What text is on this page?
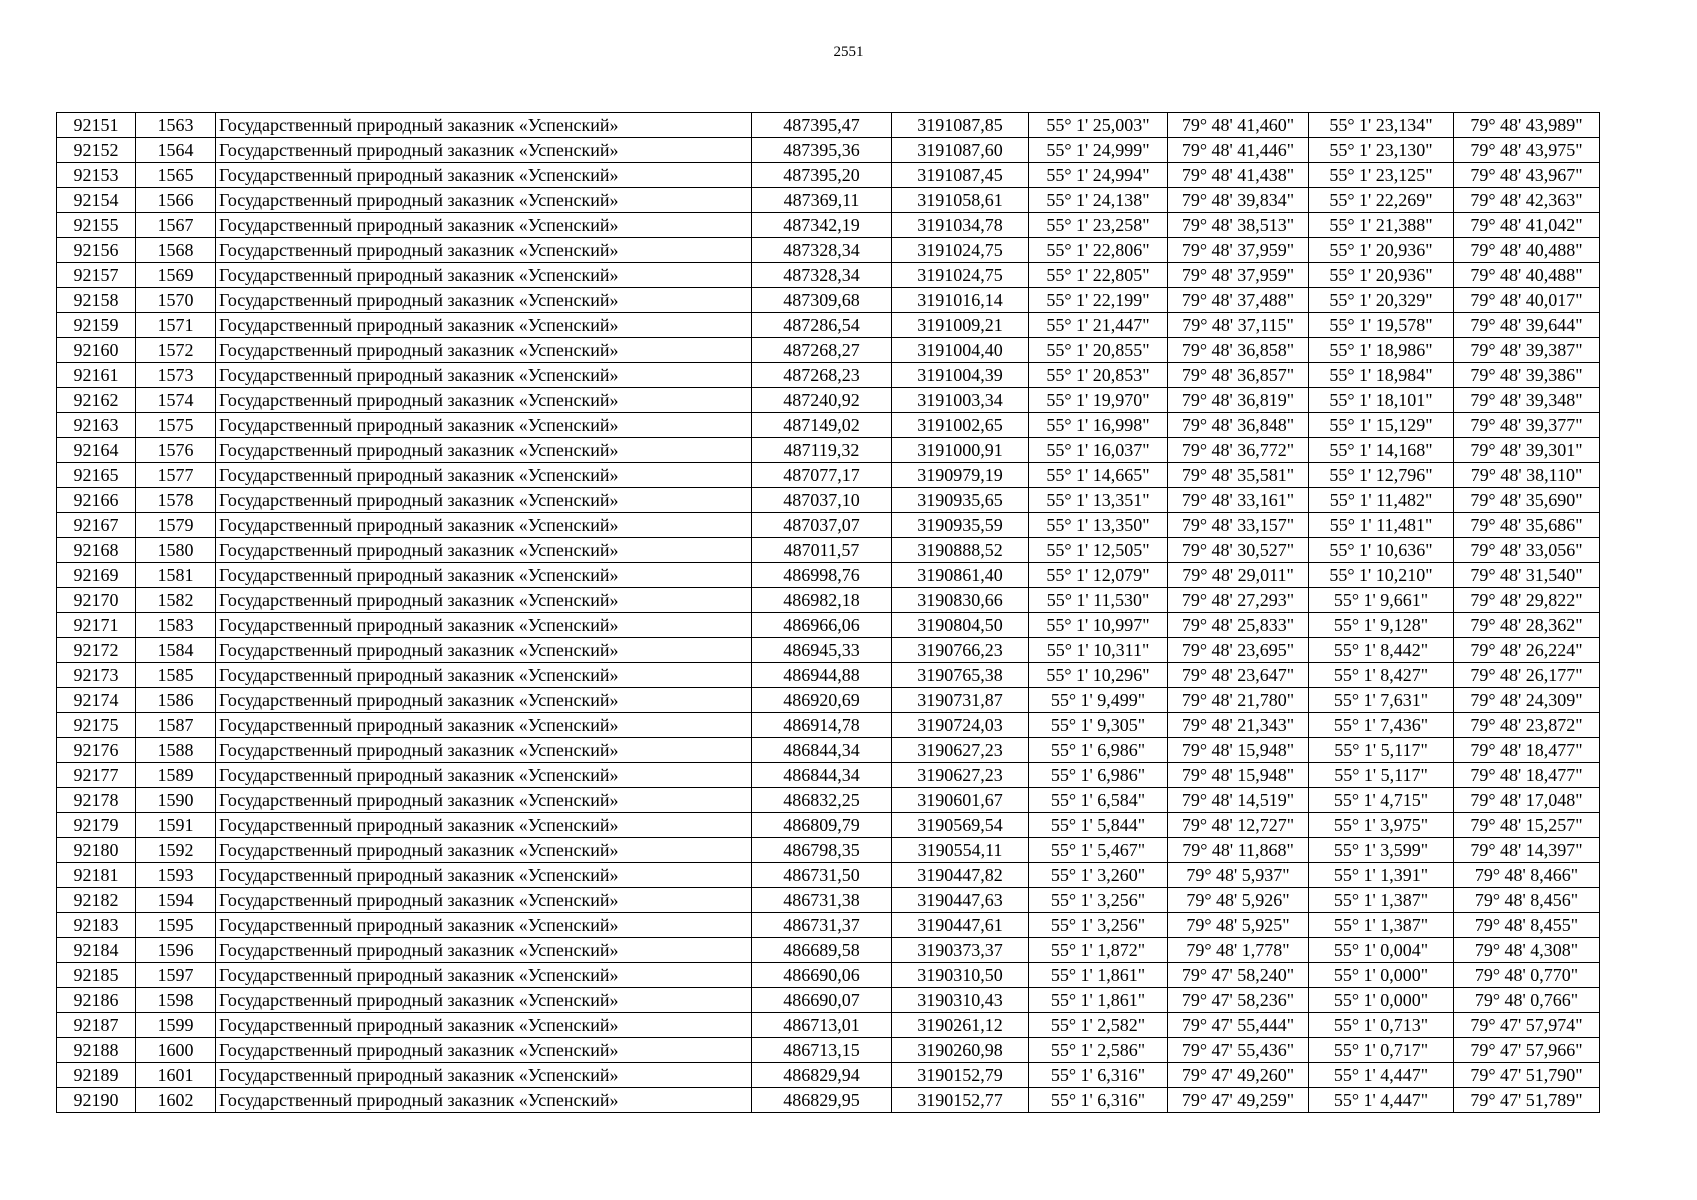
2551
92151	1563	Государственный природный заказник «Успенский»	487395,47	3191087,85	55° 1' 25,003"	79° 48' 41,460"	55° 1' 23,134"	79° 48' 43,989"
92152	1564	Государственный природный заказник «Успенский»	487395,36	3191087,60	55° 1' 24,999"	79° 48' 41,446"	55° 1' 23,130"	79° 48' 43,975"
92153	1565	Государственный природный заказник «Успенский»	487395,20	3191087,45	55° 1' 24,994"	79° 48' 41,438"	55° 1' 23,125"	79° 48' 43,967"
92154	1566	Государственный природный заказник «Успенский»	487369,11	3191058,61	55° 1' 24,138"	79° 48' 39,834"	55° 1' 22,269"	79° 48' 42,363"
92155	1567	Государственный природный заказник «Успенский»	487342,19	3191034,78	55° 1' 23,258"	79° 48' 38,513"	55° 1' 21,388"	79° 48' 41,042"
92156	1568	Государственный природный заказник «Успенский»	487328,34	3191024,75	55° 1' 22,806"	79° 48' 37,959"	55° 1' 20,936"	79° 48' 40,488"
92157	1569	Государственный природный заказник «Успенский»	487328,34	3191024,75	55° 1' 22,805"	79° 48' 37,959"	55° 1' 20,936"	79° 48' 40,488"
92158	1570	Государственный природный заказник «Успенский»	487309,68	3191016,14	55° 1' 22,199"	79° 48' 37,488"	55° 1' 20,329"	79° 48' 40,017"
92159	1571	Государственный природный заказник «Успенский»	487286,54	3191009,21	55° 1' 21,447"	79° 48' 37,115"	55° 1' 19,578"	79° 48' 39,644"
92160	1572	Государственный природный заказник «Успенский»	487268,27	3191004,40	55° 1' 20,855"	79° 48' 36,858"	55° 1' 18,986"	79° 48' 39,387"
92161	1573	Государственный природный заказник «Успенский»	487268,23	3191004,39	55° 1' 20,853"	79° 48' 36,857"	55° 1' 18,984"	79° 48' 39,386"
92162	1574	Государственный природный заказник «Успенский»	487240,92	3191003,34	55° 1' 19,970"	79° 48' 36,819"	55° 1' 18,101"	79° 48' 39,348"
92163	1575	Государственный природный заказник «Успенский»	487149,02	3191002,65	55° 1' 16,998"	79° 48' 36,848"	55° 1' 15,129"	79° 48' 39,377"
92164	1576	Государственный природный заказник «Успенский»	487119,32	3191000,91	55° 1' 16,037"	79° 48' 36,772"	55° 1' 14,168"	79° 48' 39,301"
92165	1577	Государственный природный заказник «Успенский»	487077,17	3190979,19	55° 1' 14,665"	79° 48' 35,581"	55° 1' 12,796"	79° 48' 38,110"
92166	1578	Государственный природный заказник «Успенский»	487037,10	3190935,65	55° 1' 13,351"	79° 48' 33,161"	55° 1' 11,482"	79° 48' 35,690"
92167	1579	Государственный природный заказник «Успенский»	487037,07	3190935,59	55° 1' 13,350"	79° 48' 33,157"	55° 1' 11,481"	79° 48' 35,686"
92168	1580	Государственный природный заказник «Успенский»	487011,57	3190888,52	55° 1' 12,505"	79° 48' 30,527"	55° 1' 10,636"	79° 48' 33,056"
92169	1581	Государственный природный заказник «Успенский»	486998,76	3190861,40	55° 1' 12,079"	79° 48' 29,011"	55° 1' 10,210"	79° 48' 31,540"
92170	1582	Государственный природный заказник «Успенский»	486982,18	3190830,66	55° 1' 11,530"	79° 48' 27,293"	55° 1' 9,661"	79° 48' 29,822"
92171	1583	Государственный природный заказник «Успенский»	486966,06	3190804,50	55° 1' 10,997"	79° 48' 25,833"	55° 1' 9,128"	79° 48' 28,362"
92172	1584	Государственный природный заказник «Успенский»	486945,33	3190766,23	55° 1' 10,311"	79° 48' 23,695"	55° 1' 8,442"	79° 48' 26,224"
92173	1585	Государственный природный заказник «Успенский»	486944,88	3190765,38	55° 1' 10,296"	79° 48' 23,647"	55° 1' 8,427"	79° 48' 26,177"
92174	1586	Государственный природный заказник «Успенский»	486920,69	3190731,87	55° 1' 9,499"	79° 48' 21,780"	55° 1' 7,631"	79° 48' 24,309"
92175	1587	Государственный природный заказник «Успенский»	486914,78	3190724,03	55° 1' 9,305"	79° 48' 21,343"	55° 1' 7,436"	79° 48' 23,872"
92176	1588	Государственный природный заказник «Успенский»	486844,34	3190627,23	55° 1' 6,986"	79° 48' 15,948"	55° 1' 5,117"	79° 48' 18,477"
92177	1589	Государственный природный заказник «Успенский»	486844,34	3190627,23	55° 1' 6,986"	79° 48' 15,948"	55° 1' 5,117"	79° 48' 18,477"
92178	1590	Государственный природный заказник «Успенский»	486832,25	3190601,67	55° 1' 6,584"	79° 48' 14,519"	55° 1' 4,715"	79° 48' 17,048"
92179	1591	Государственный природный заказник «Успенский»	486809,79	3190569,54	55° 1' 5,844"	79° 48' 12,727"	55° 1' 3,975"	79° 48' 15,257"
92180	1592	Государственный природный заказник «Успенский»	486798,35	3190554,11	55° 1' 5,467"	79° 48' 11,868"	55° 1' 3,599"	79° 48' 14,397"
92181	1593	Государственный природный заказник «Успенский»	486731,50	3190447,82	55° 1' 3,260"	79° 48' 5,937"	55° 1' 1,391"	79° 48' 8,466"
92182	1594	Государственный природный заказник «Успенский»	486731,38	3190447,63	55° 1' 3,256"	79° 48' 5,926"	55° 1' 1,387"	79° 48' 8,456"
92183	1595	Государственный природный заказник «Успенский»	486731,37	3190447,61	55° 1' 3,256"	79° 48' 5,925"	55° 1' 1,387"	79° 48' 8,455"
92184	1596	Государственный природный заказник «Успенский»	486689,58	3190373,37	55° 1' 1,872"	79° 48' 1,778"	55° 1' 0,004"	79° 48' 4,308"
92185	1597	Государственный природный заказник «Успенский»	486690,06	3190310,50	55° 1' 1,861"	79° 47' 58,240"	55° 1' 0,000"	79° 48' 0,770"
92186	1598	Государственный природный заказник «Успенский»	486690,07	3190310,43	55° 1' 1,861"	79° 47' 58,236"	55° 1' 0,000"	79° 48' 0,766"
92187	1599	Государственный природный заказник «Успенский»	486713,01	3190261,12	55° 1' 2,582"	79° 47' 55,444"	55° 1' 0,713"	79° 47' 57,974"
92188	1600	Государственный природный заказник «Успенский»	486713,15	3190260,98	55° 1' 2,586"	79° 47' 55,436"	55° 1' 0,717"	79° 47' 57,966"
92189	1601	Государственный природный заказник «Успенский»	486829,94	3190152,79	55° 1' 6,316"	79° 47' 49,260"	55° 1' 4,447"	79° 47' 51,790"
92190	1602	Государственный природный заказник «Успенский»	486829,95	3190152,77	55° 1' 6,316"	79° 47' 49,259"	55° 1' 4,447"	79° 47' 51,789"
